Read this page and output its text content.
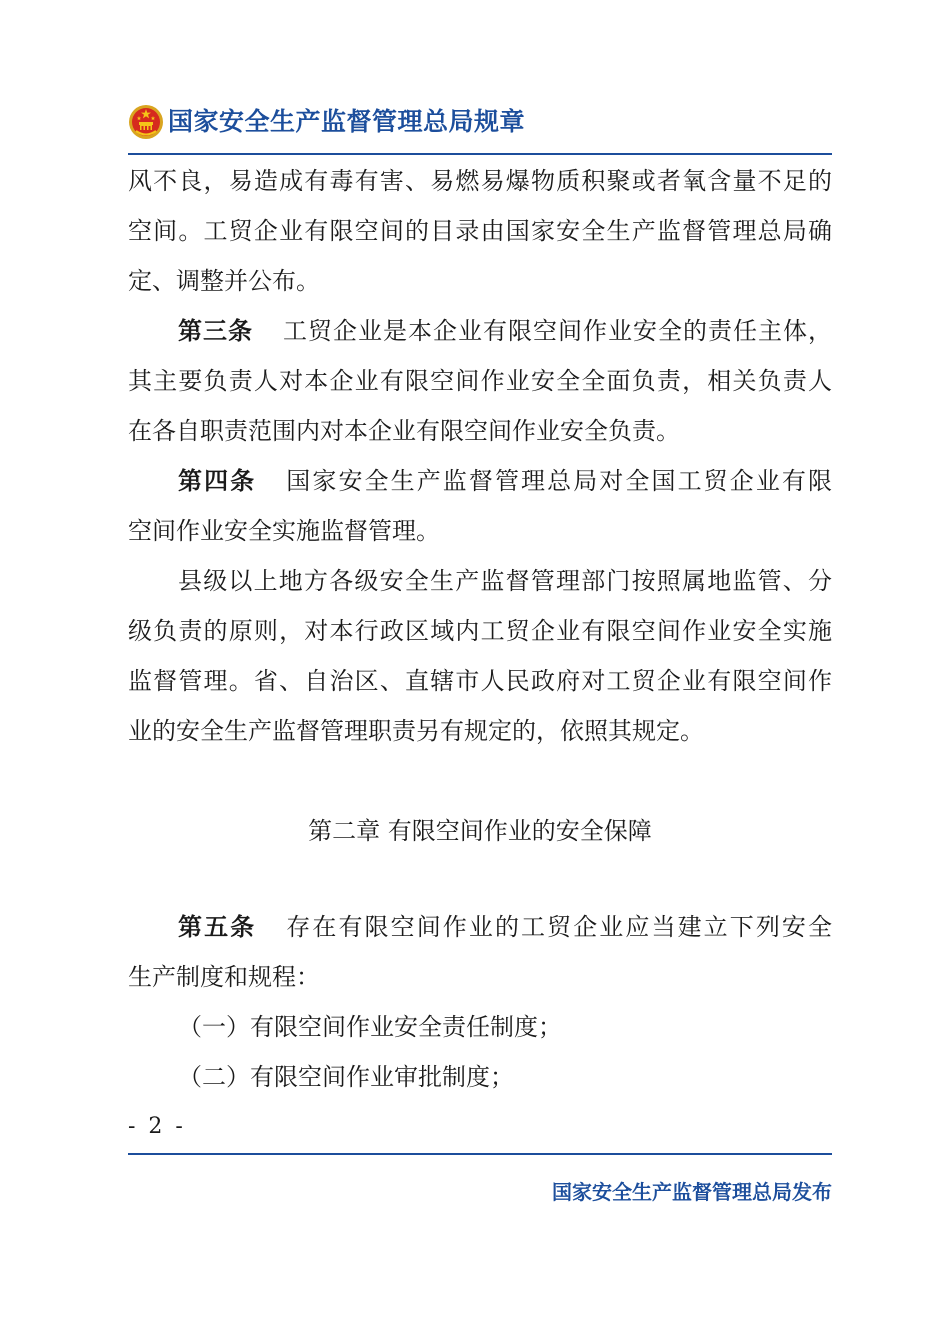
国家安全生产监督管理总局规章
风不良，易造成有毒有害、易燃易爆物质积聚或者氧含量不足的
空间。工贸企业有限空间的目录由国家安全生产监督管理总局确
定、调整并公布。
第三条 工贸企业是本企业有限空间作业安全的责任主体，
其主要负责人对本企业有限空间作业安全全面负责，相关负责人
在各自职责范围内对本企业有限空间作业安全负责。
第四条 国家安全生产监督管理总局对全国工贸企业有限
空间作业安全实施监督管理。
县级以上地方各级安全生产监督管理部门按照属地监管、分
级负责的原则，对本行政区域内工贸企业有限空间作业安全实施
监督管理。省、自治区、直辖市人民政府对工贸企业有限空间作
业的安全生产监督管理职责另有规定的，依照其规定。
第二章 有限空间作业的安全保障
第五条 存在有限空间作业的工贸企业应当建立下列安全
生产制度和规程：
（一）有限空间作业安全责任制度；
（二）有限空间作业审批制度；
- 2 -
国家安全生产监督管理总局发布
